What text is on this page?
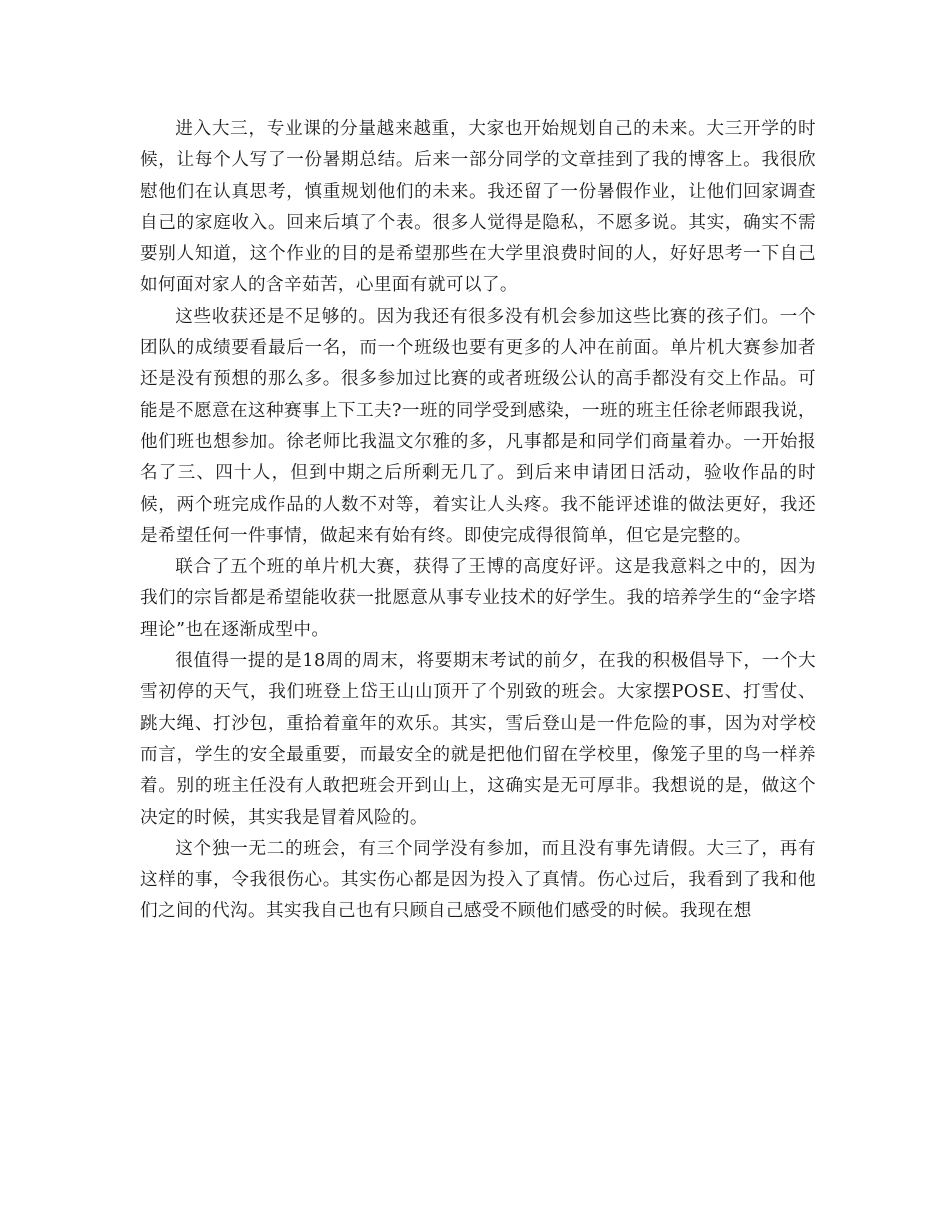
进入大三，专业课的分量越来越重，大家也开始规划自己的未来。大三开学的时候，让每个人写了一份暑期总结。后来一部分同学的文章挂到了我的博客上。我很欣慰他们在认真思考，慎重规划他们的未来。我还留了一份暑假作业，让他们回家调查自己的家庭收入。回来后填了个表。很多人觉得是隐私，不愿多说。其实，确实不需要别人知道，这个作业的目的是希望那些在大学里浪费时间的人，好好思考一下自己如何面对家人的含辛茹苦，心里面有就可以了。

这些收获还是不足够的。因为我还有很多没有机会参加这些比赛的孩子们。一个团队的成绩要看最后一名，而一个班级也要有更多的人冲在前面。单片机大赛参加者还是没有预想的那么多。很多参加过比赛的或者班级公认的高手都没有交上作品。可能是不愿意在这种赛事上下工夫?一班的同学受到感染，一班的班主任徐老师跟我说，他们班也想参加。徐老师比我温文尔雅的多，凡事都是和同学们商量着办。一开始报名了三、四十人，但到中期之后所剩无几了。到后来申请团日活动，验收作品的时候，两个班完成作品的人数不对等，着实让人头疼。我不能评述谁的做法更好，我还是希望任何一件事情，做起来有始有终。即使完成得很简单，但它是完整的。

联合了五个班的单片机大赛，获得了王博的高度好评。这是我意料之中的，因为我们的宗旨都是希望能收获一批愿意从事专业技术的好学生。我的培养学生的“金字塔理论”也在逐渐成型中。

很值得一提的是18周的周末，将要期末考试的前夕，在我的积极倡导下，一个大雪初停的天气，我们班登上岱王山山顶开了个别致的班会。大家摆POSE、打雪仗、跳大绳、打沙包，重拾着童年的欢乐。其实，雪后登山是一件危险的事，因为对学校而言，学生的安全最重要，而最安全的就是把他们留在学校里，像笼子里的鸟一样养着。别的班主任没有人敢把班会开到山上，这确实是无可厚非。我想说的是，做这个决定的时候，其实我是冒着风险的。

这个独一无二的班会，有三个同学没有参加，而且没有事先请假。大三了，再有这样的事，令我很伤心。其实伤心都是因为投入了真情。伤心过后，我看到了我和他们之间的代沟。其实我自己也有只顾自己感受不顾他们感受的时候。我现在想
